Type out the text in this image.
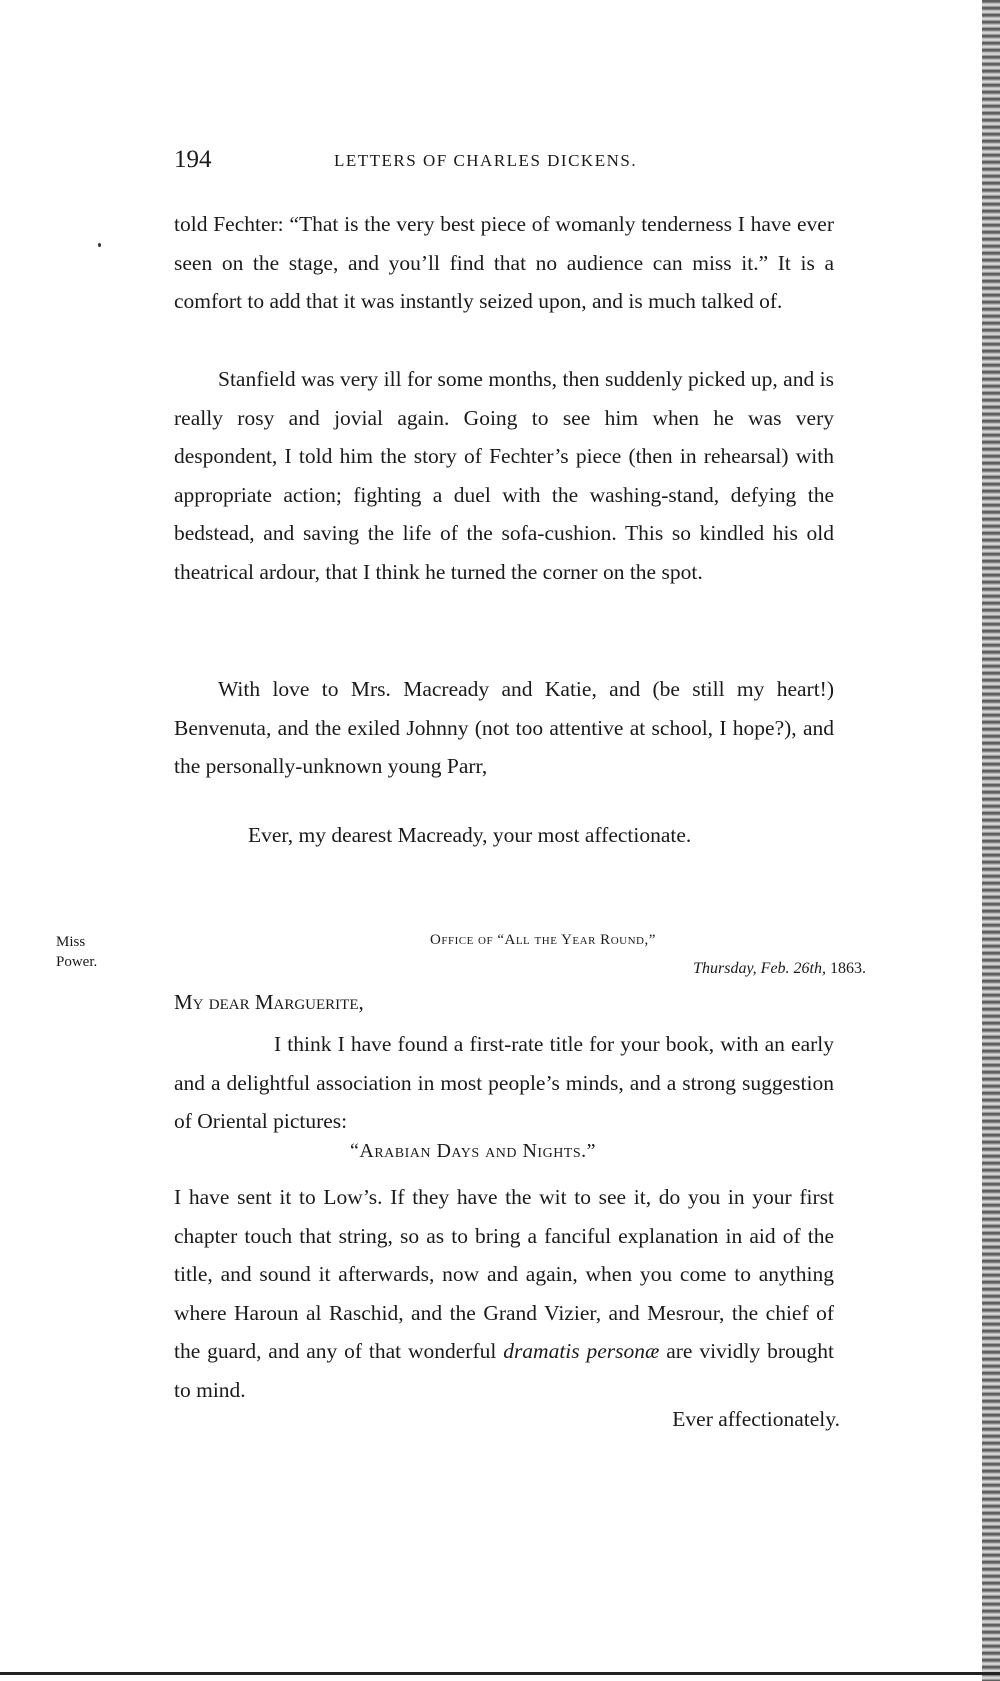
194	LETTERS OF CHARLES DICKENS.

told Fechter: “That is the very best piece of womanly tenderness I have ever seen on the stage, and you’ll find that no audience can miss it.” It is a comfort to add that it was instantly seized upon, and is much talked of.

Stanfield was very ill for some months, then suddenly picked up, and is really rosy and jovial again. Going to see him when he was very despondent, I told him the story of Fechter’s piece (then in rehearsal) with appropriate action; fighting a duel with the washing-stand, defying the bedstead, and saving the life of the sofa-cushion. This so kindled his old theatrical ardour, that I think he turned the corner on the spot.

With love to Mrs. Macready and Katie, and (be still my heart!) Benvenuta, and the exiled Johnny (not too attentive at school, I hope?), and the personally-unknown young Parr,

Ever, my dearest Macready, your most affectionate.
Miss
Power.
Office of “All the Year Round,”
Thursday, Feb. 26th, 1863.
My dear Marguerite,

I think I have found a first-rate title for your book, with an early and a delightful association in most people’s minds, and a strong suggestion of Oriental pictures:

“Arabian Days and Nights.”

I have sent it to Low’s. If they have the wit to see it, do you in your first chapter touch that string, so as to bring a fanciful explanation in aid of the title, and sound it afterwards, now and again, when you come to anything where Haroun al Raschid, and the Grand Vizier, and Mesrour, the chief of the guard, and any of that wonderful dramatis personæ are vividly brought to mind.

Ever affectionately.
